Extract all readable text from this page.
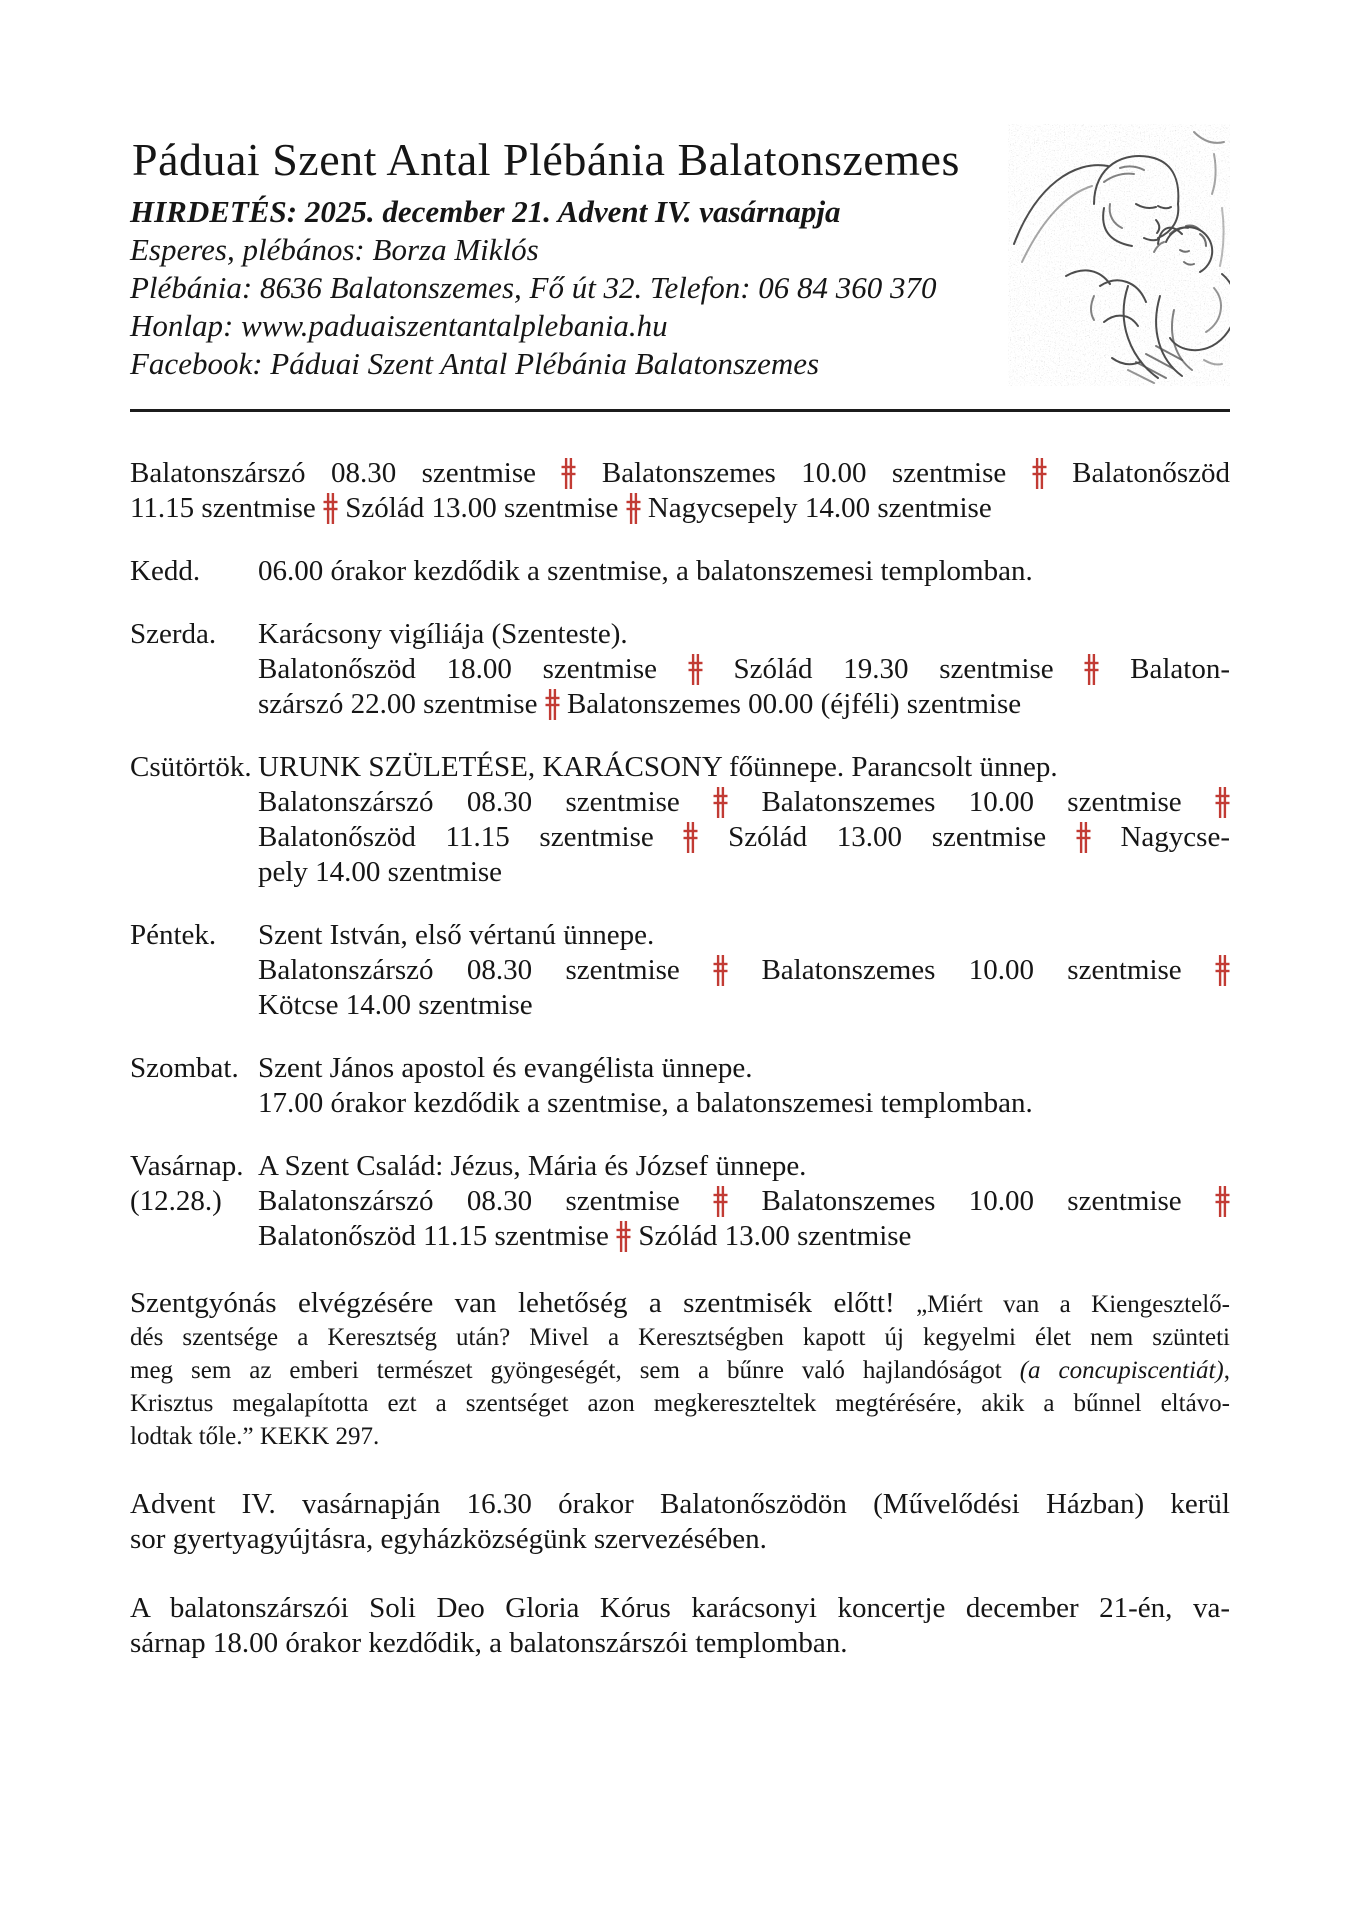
Páduai Szent Antal Plébánia Balatonszemes
HIRDETÉS: 2025. december 21. Advent IV. vasárnapja
Esperes, plébános: Borza Miklós
Plébánia: 8636 Balatonszemes, Fő út 32. Telefon: 06 84 360 370
Honlap: www.paduaiszentantalplebania.hu
Facebook: Páduai Szent Antal Plébánia Balatonszemes
Balatonszárszó 08.30 szentmise
Balatonszemes 10.00 szentmise
Balatonőszöd
11.15 szentmise
Szólád 13.00 szentmise
Nagycsepely 14.00 szentmise
Kedd.	06.00 órakor kezdődik a szentmise, a balatonszemesi templomban.
Szerda.	Karácsony vigíliája (Szenteste).
Balatonőszöd 18.00 szentmise
Szólád 19.30 szentmise
Balaton-
szárszó 22.00 szentmise
Balatonszemes 00.00 (éjféli) szentmise
Csütörtök. URUNK SZÜLETÉSE, KARÁCSONY főünnepe. Parancsolt ünnep.
Balatonszárszó 08.30 szentmise
Balatonszemes 10.00 szentmise
Balatonőszöd 11.15 szentmise
Szólád 13.00 szentmise
Nagycse-
pely 14.00 szentmise
Péntek.	Szent István, első vértanú ünnepe.
Balatonszárszó 08.30 szentmise
Balatonszemes 10.00 szentmise
Kötcse 14.00 szentmise
Szombat. Szent János apostol és evangélista ünnepe.
17.00 órakor kezdődik a szentmise, a balatonszemesi templomban.
Vasárnap.
(12.28.)
A Szent Család: Jézus, Mária és József ünnepe.
Balatonszárszó 08.30 szentmise
Balatonszemes 10.00 szentmise
Balatonőszöd 11.15 szentmise
Szólád 13.00 szentmise
Szentgyónás elvégzésére van lehetőség a szentmisék előtt! „Miért van a Kiengesztelő-
dés szentsége a Keresztség után? Mivel a Keresztségben kapott új kegyelmi élet nem szünteti
meg sem az emberi természet gyöngeségét, sem a bűnre való hajlandóságot (a concupiscentiát),
Krisztus megalapította ezt a szentséget azon megkereszteltek megtérésére, akik a bűnnel eltávo-
lodtak tőle.” KEKK 297.
Advent IV. vasárnapján 16.30 órakor Balatonőszödön (Művelődési Házban) kerül
sor gyertyagyújtásra, egyházközségünk szervezésében.
A balatonszárszói Soli Deo Gloria Kórus karácsonyi koncertje december 21-én, va-
sárnap 18.00 órakor kezdődik, a balatonszárszói templomban.
